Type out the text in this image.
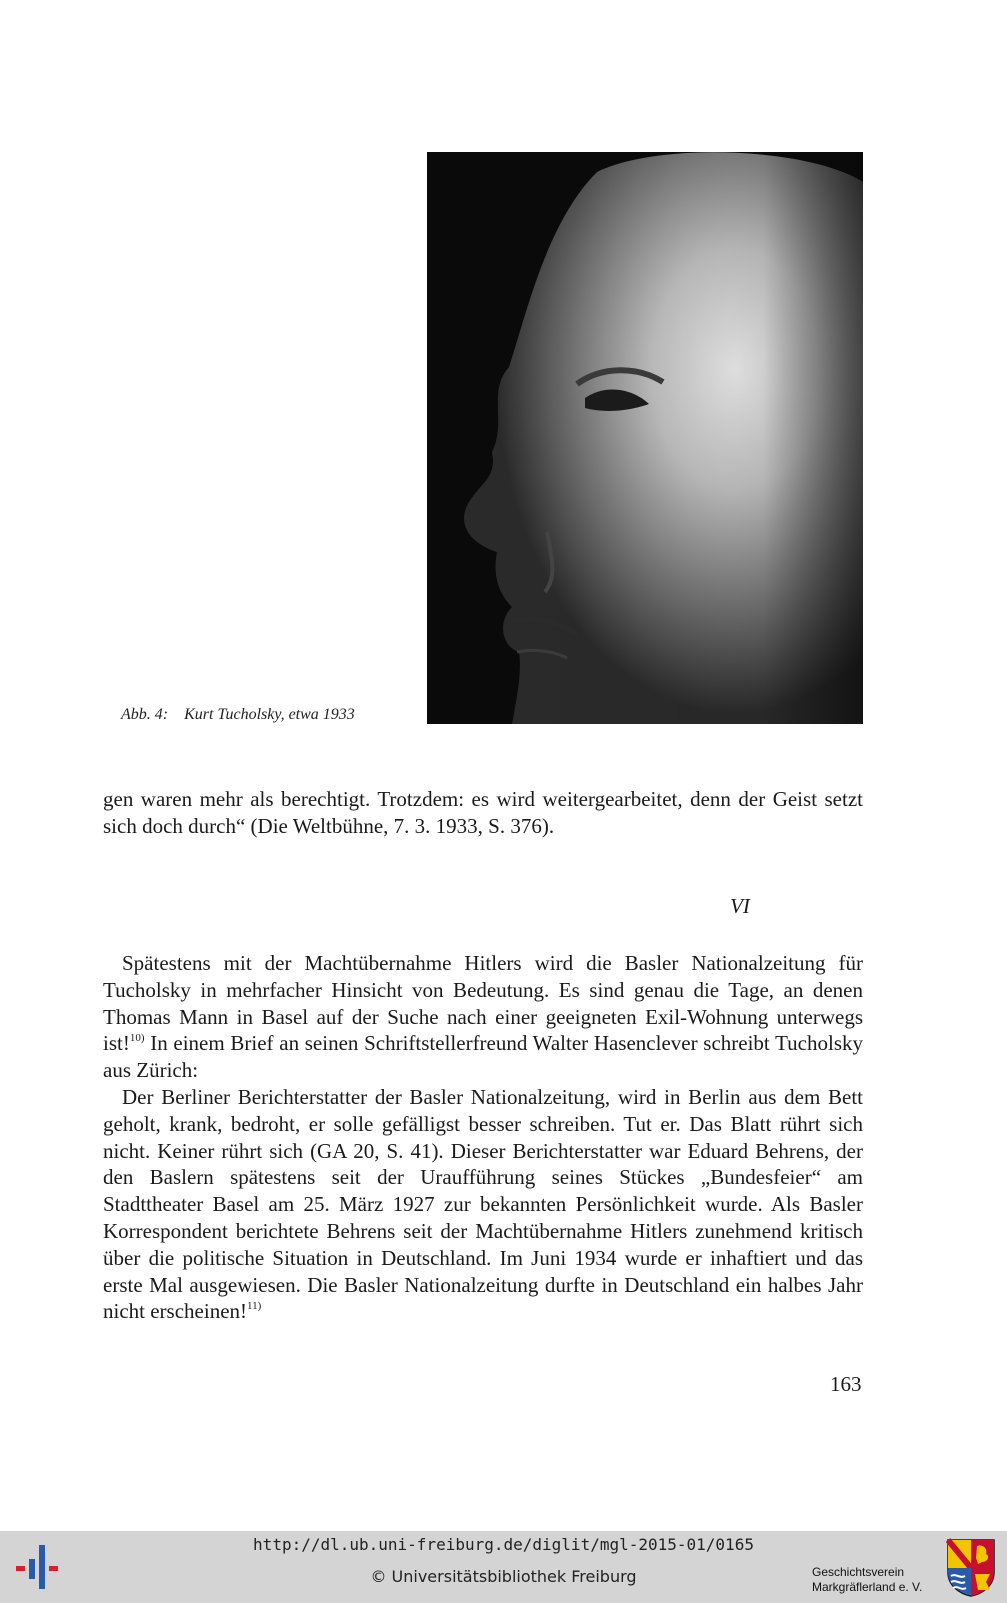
Abb. 4: Kurt Tucholsky, etwa 1933

gen waren mehr als berechtigt. Trotzdem: es wird weitergearbeitet, denn der Geist setzt sich doch durch“ (Die Weltbühne, 7. 3. 1933, S. 376).

VI

Spätestens mit der Machtübernahme Hitlers wird die Basler Nationalzeitung für Tucholsky in mehrfacher Hinsicht von Bedeutung. Es sind genau die Tage, an denen Thomas Mann in Basel auf der Suche nach einer geeigneten Exil-Wohnung unterwegs ist!$^{10)}$ In einem Brief an seinen Schriftstellerfreund Walter Hasenclever schreibt Tucholsky aus Zürich:

Der Berliner Berichterstatter der Basler Nationalzeitung, wird in Berlin aus dem Bett geholt, krank, bedroht, er solle gefälligst besser schreiben. Tut er. Das Blatt rührt sich nicht. Keiner rührt sich (GA 20, S. 41). Dieser Berichterstatter war Eduard Behrens, der den Baslern spätestens seit der Uraufführung seines Stückes „Bundesfeier“ am Stadttheater Basel am 25. März 1927 zur bekannten Persönlichkeit wurde. Als Basler Korrespondent berichtete Behrens seit der Machtübernahme Hitlers zunehmend kritisch über die politische Situation in Deutschland. Im Juni 1934 wurde er inhaftiert und das erste Mal ausgewiesen. Die Basler Nationalzeitung durfte in Deutschland ein halbes Jahr nicht erscheinen!$^{11)}$

163
http://dl.ub.uni-freiburg.de/diglit/mgl-2015-01/0165
© Universitätsbibliothek Freiburg	Geschichtsverein
Markgräflerland e. V.
